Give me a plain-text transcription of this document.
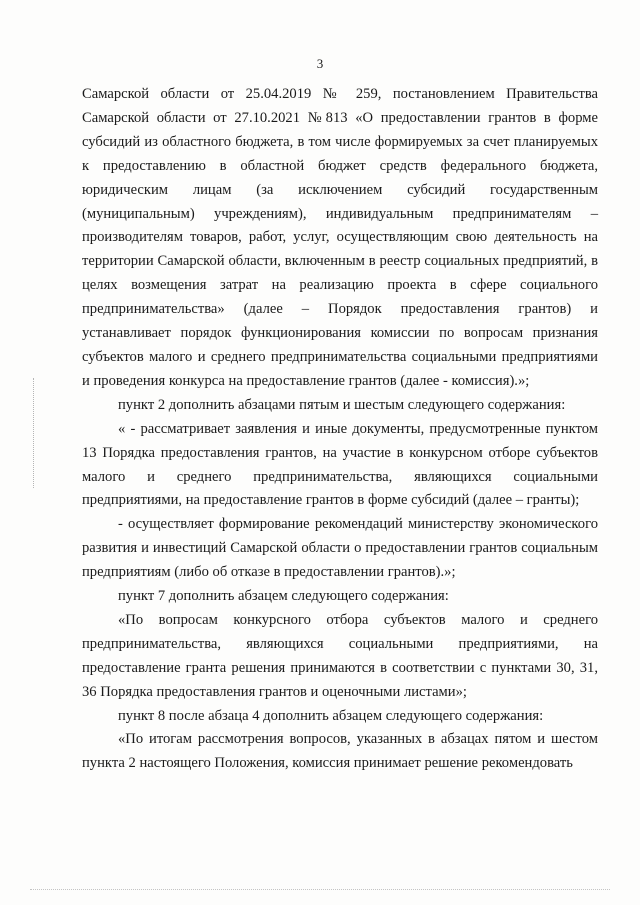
3

Самарской области от 25.04.2019 № 259, постановлением Правительства Самарской области от 27.10.2021 №813 «О предоставлении грантов в форме субсидий из областного бюджета, в том числе формируемых за счет планируемых к предоставлению в областной бюджет средств федерального бюджета, юридическим лицам (за исключением субсидий государственным (муниципальным) учреждениям), индивидуальным предпринимателям – производителям товаров, работ, услуг, осуществляющим свою деятельность на территории Самарской области, включенным в реестр социальных предприятий, в целях возмещения затрат на реализацию проекта в сфере социального предпринимательства» (далее – Порядок предоставления грантов) и устанавливает порядок функционирования комиссии по вопросам признания субъектов малого и среднего предпринимательства социальными предприятиями и проведения конкурса на предоставление грантов (далее - комиссия).»;

пункт 2 дополнить абзацами пятым и шестым следующего содержания:

« - рассматривает заявления и иные документы, предусмотренные пунктом 13 Порядка предоставления грантов, на участие в конкурсном отборе субъектов малого и среднего предпринимательства, являющихся социальными предприятиями, на предоставление грантов в форме субсидий (далее – гранты);

- осуществляет формирование рекомендаций министерству экономического развития и инвестиций Самарской области о предоставлении грантов социальным предприятиям (либо об отказе в предоставлении грантов).»;

пункт 7 дополнить абзацем следующего содержания:

«По вопросам конкурсного отбора субъектов малого и среднего предпринимательства, являющихся социальными предприятиями, на предоставление гранта решения принимаются в соответствии с пунктами 30, 31, 36 Порядка предоставления грантов и оценочными листами»;

пункт 8 после абзаца 4 дополнить абзацем следующего содержания:

«По итогам рассмотрения вопросов, указанных в абзацах пятом и шестом пункта 2 настоящего Положения, комиссия принимает решение рекомендовать
